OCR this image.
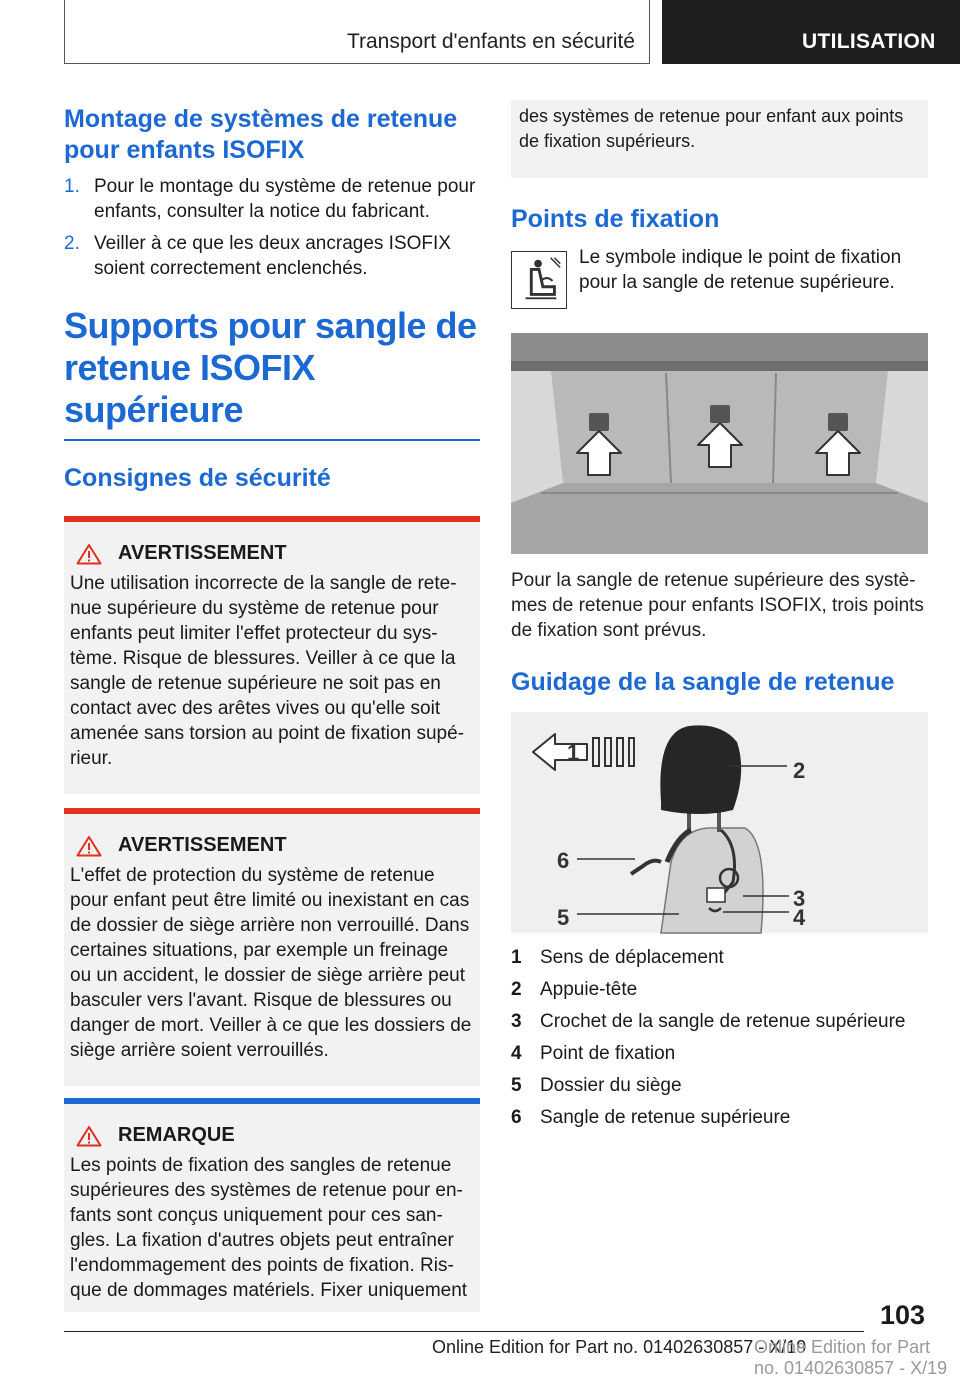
Transport d'enfants en sécurité	UTILISATION
Montage de systèmes de retenue pour enfants ISOFIX
1. Pour le montage du système de retenue pour enfants, consulter la notice du fabricant.
2. Veiller à ce que les deux ancrages ISOFIX soient correctement enclenchés.
Supports pour sangle de retenue ISOFIX supérieure
Consignes de sécurité
AVERTISSEMENT
Une utilisation incorrecte de la sangle de rete-nue supérieure du système de retenue pour enfants peut limiter l'effet protecteur du sys-tème. Risque de blessures. Veiller à ce que la sangle de retenue supérieure ne soit pas en contact avec des arêtes vives ou qu'elle soit amenée sans torsion au point de fixation supé-rieur.
AVERTISSEMENT
L'effet de protection du système de retenue pour enfant peut être limité ou inexistant en cas de dossier de siège arrière non verrouillé. Dans certaines situations, par exemple un freinage ou un accident, le dossier de siège arrière peut basculer vers l'avant. Risque de blessures ou danger de mort. Veiller à ce que les dossiers de siège arrière soient verrouillés.
REMARQUE
Les points de fixation des sangles de retenue supérieures des systèmes de retenue pour en-fants sont conçus uniquement pour ces san-gles. La fixation d'autres objets peut entraîner l'endommagement des points de fixation. Ris-que de dommages matériels. Fixer uniquement
des systèmes de retenue pour enfant aux points de fixation supérieurs.
Points de fixation
Le symbole indique le point de fixation pour la sangle de retenue supérieure.
Pour la sangle de retenue supérieure des systè-mes de retenue pour enfants ISOFIX, trois points de fixation sont prévus.
Guidage de la sangle de retenue
1
2
3
4
5
6
1 Sens de déplacement
2 Appuie-tête
3 Crochet de la sangle de retenue supérieure
4 Point de fixation
5 Dossier du siège
6 Sangle de retenue supérieure
103
Online Edition for Part no. 01402630857 - X/19
Online Edition for Part no. 01402630857 - X/19
